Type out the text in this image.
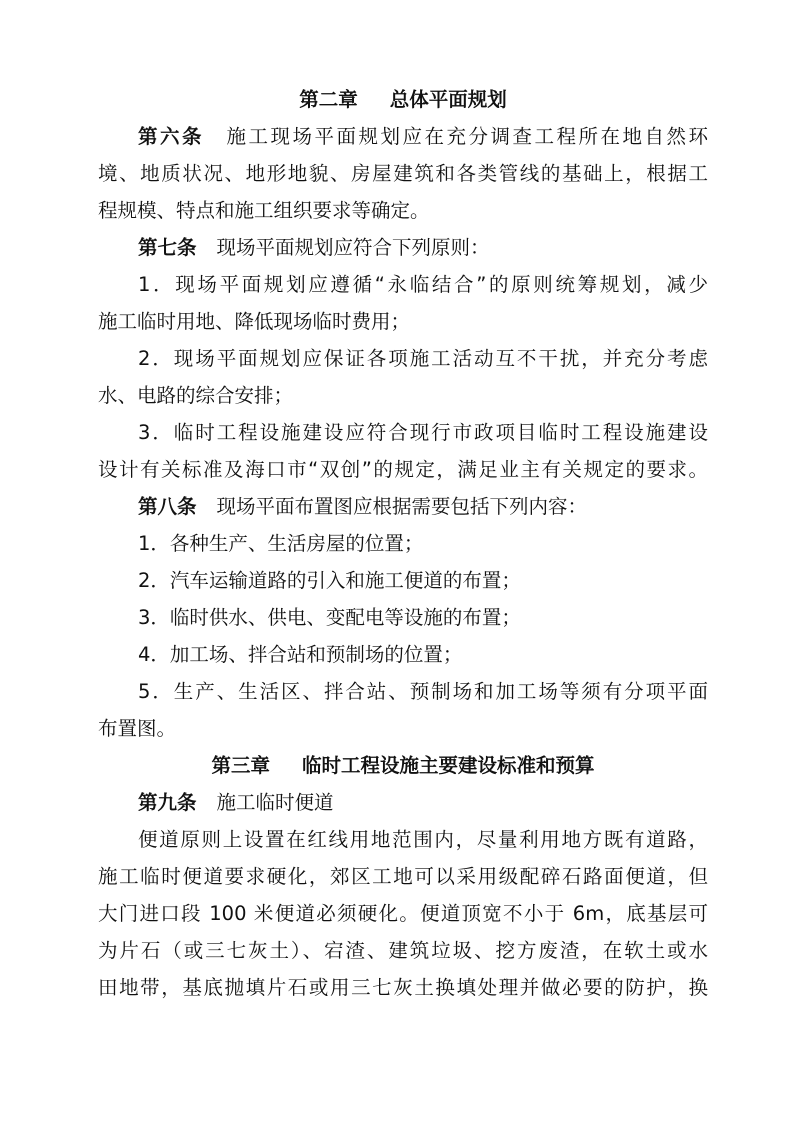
第二章 总体平面规划
第六条 施工现场平面规划应在充分调查工程所在地自然环
境、地质状况、地形地貌、房屋建筑和各类管线的基础上，根据工
程规模、特点和施工组织要求等确定。
第七条 现场平面规划应符合下列原则：
1．现场平面规划应遵循“永临结合”的原则统筹规划，减少
施工临时用地、降低现场临时费用；
2．现场平面规划应保证各项施工活动互不干扰，并充分考虑
水、电路的综合安排；
3．临时工程设施建设应符合现行市政项目临时工程设施建设
设计有关标准及海口市“双创”的规定，满足业主有关规定的要求。
第八条 现场平面布置图应根据需要包括下列内容：
1．各种生产、生活房屋的位置；
2．汽车运输道路的引入和施工便道的布置；
3．临时供水、供电、变配电等设施的布置；
4．加工场、拌合站和预制场的位置；
5．生产、生活区、拌合站、预制场和加工场等须有分项平面
布置图。
第三章 临时工程设施主要建设标准和预算
第九条 施工临时便道
便道原则上设置在红线用地范围内，尽量利用地方既有道路，
施工临时便道要求硬化，郊区工地可以采用级配碎石路面便道，但
大门进口段 100 米便道必须硬化。便道顶宽不小于 6m，底基层可
为片石（或三七灰土）、宕渣、建筑垃圾、挖方废渣，在软土或水
田地带，基底抛填片石或用三七灰土换填处理并做必要的防护，换
